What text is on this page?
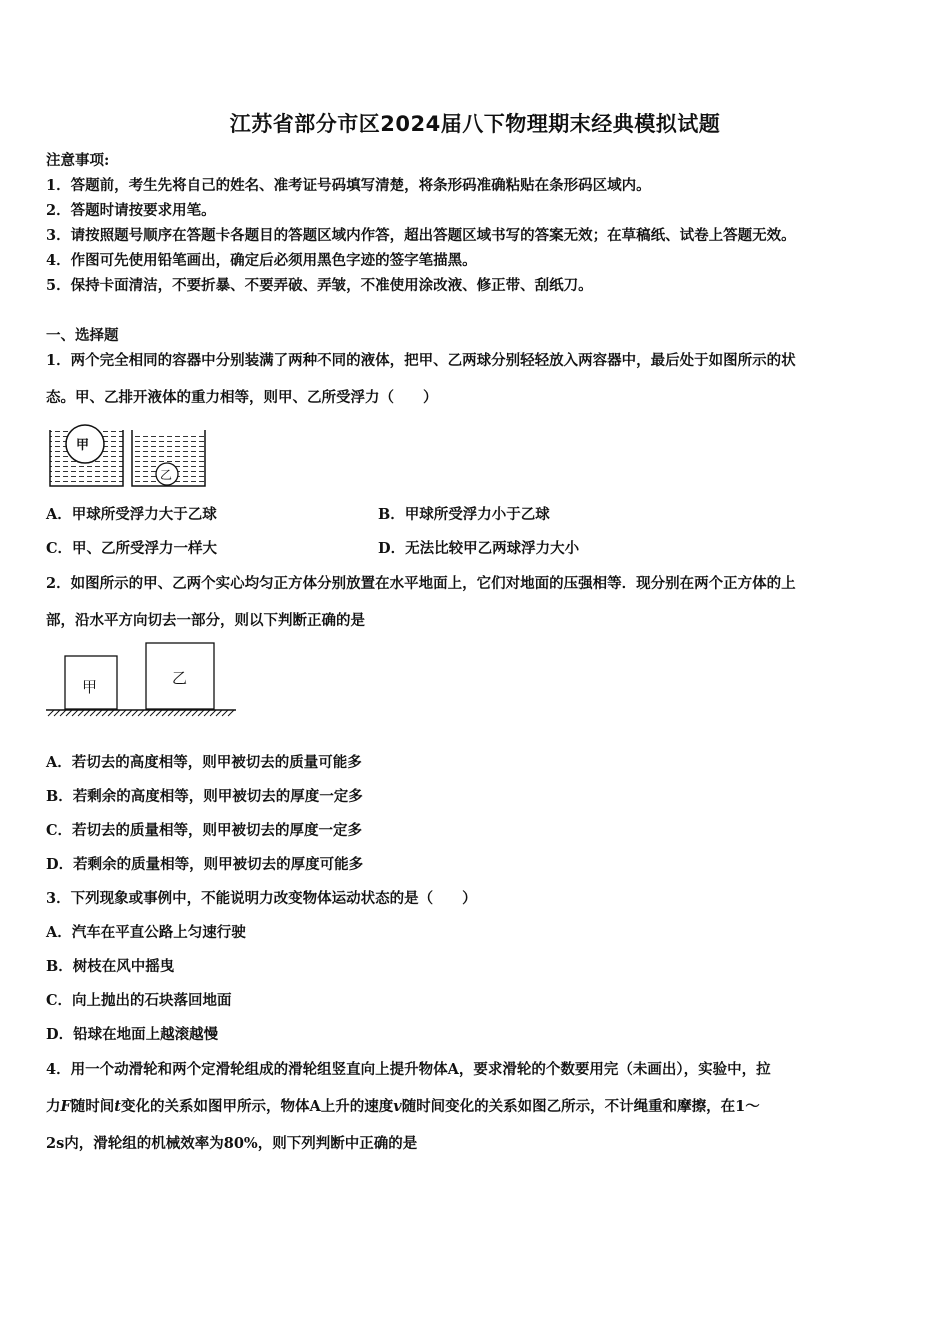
江苏省部分市区2024届八下物理期末经典模拟试题
注意事项:
1．答题前，考生先将自己的姓名、准考证号码填写清楚，将条形码准确粘贴在条形码区域内。
2．答题时请按要求用笔。
3．请按照题号顺序在答题卡各题目的答题区域内作答，超出答题区域书写的答案无效；在草稿纸、试卷上答题无效。
4．作图可先使用铅笔画出，确定后必须用黑色字迹的签字笔描黑。
5．保持卡面清洁，不要折暴、不要弄破、弄皱，不准使用涂改液、修正带、刮纸刀。
一、选择题
1．两个完全相同的容器中分别装满了两种不同的液体，把甲、乙两球分别轻轻放入两容器中，最后处于如图所示的状
态。甲、乙排开液体的重力相等，则甲、乙所受浮力（　　）
甲
乙
A．甲球所受浮力大于乙球	B．甲球所受浮力小于乙球
C．甲、乙所受浮力一样大	D．无法比较甲乙两球浮力大小
2．如图所示的甲、乙两个实心均匀正方体分别放置在水平地面上，它们对地面的压强相等．现分别在两个正方体的上
部，沿水平方向切去一部分，则以下判断正确的是
甲	乙
A．若切去的高度相等，则甲被切去的质量可能多
B．若剩余的高度相等，则甲被切去的厚度一定多
C．若切去的质量相等，则甲被切去的厚度一定多
D．若剩余的质量相等，则甲被切去的厚度可能多
3．下列现象或事例中，不能说明力改变物体运动状态的是（　　）
A．汽车在平直公路上匀速行驶
B．树枝在风中摇曳
C．向上抛出的石块落回地面
D．铅球在地面上越滚越慢
4．用一个动滑轮和两个定滑轮组成的滑轮组竖直向上提升物体A，要求滑轮的个数要用完（未画出），实验中，拉
力F随时间t变化的关系如图甲所示，物体A上升的速度v随时间变化的关系如图乙所示，不计绳重和摩擦，在1～
2s内，滑轮组的机械效率为80%，则下列判断中正确的是
